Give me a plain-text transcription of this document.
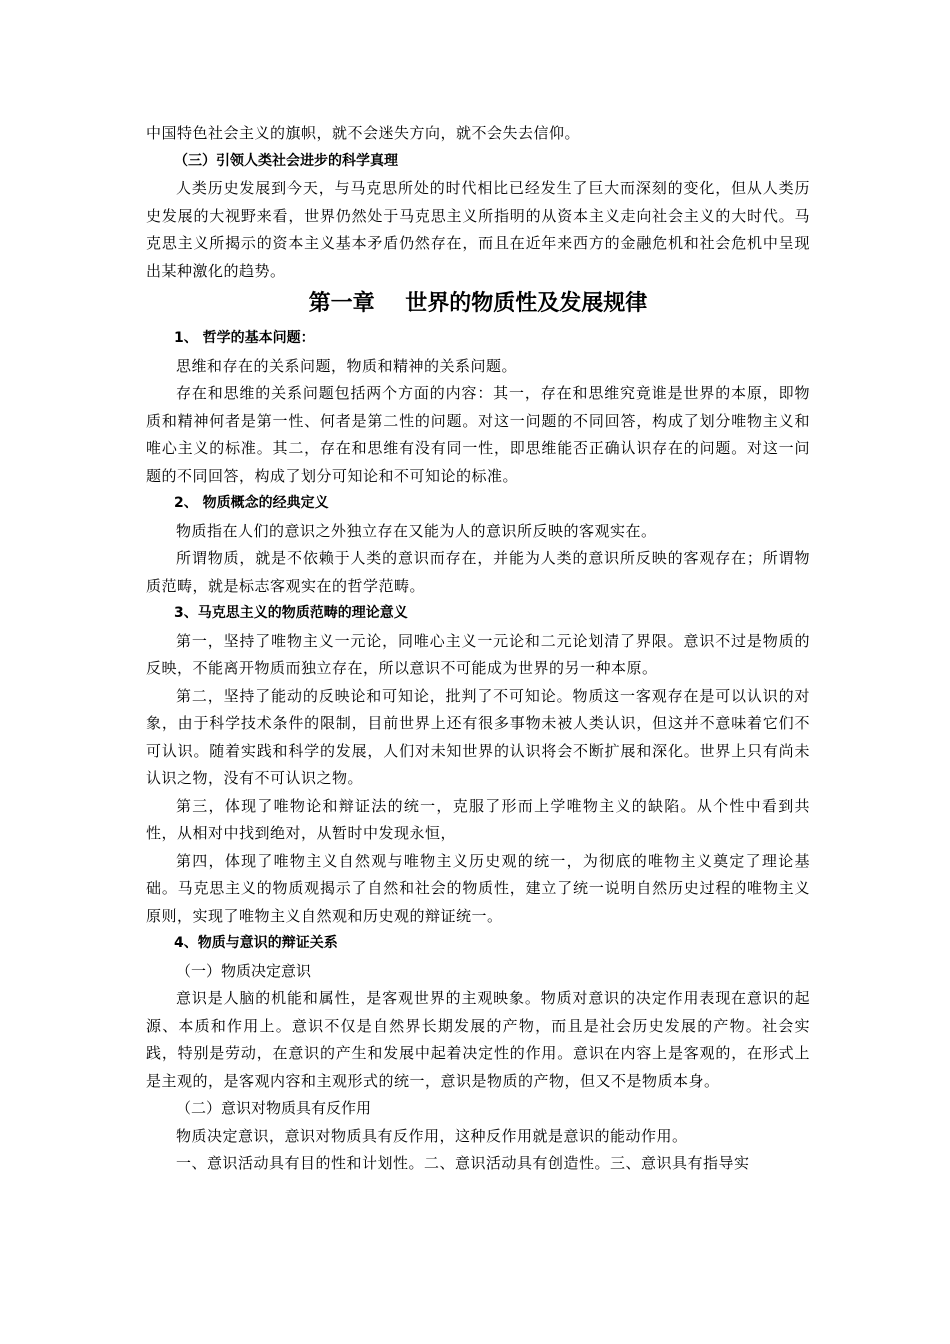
中国特色社会主义的旗帜，就不会迷失方向，就不会失去信仰。

（三）引领人类社会进步的科学真理

人类历史发展到今天，与马克思所处的时代相比已经发生了巨大而深刻的变化，但从人类历史发展的大视野来看，世界仍然处于马克思主义所指明的从资本主义走向社会主义的大时代。马克思主义所揭示的资本主义基本矛盾仍然存在，而且在近年来西方的金融危机和社会危机中呈现出某种激化的趋势。

第一章    世界的物质性及发展规律

1、 哲学的基本问题：

思维和存在的关系问题，物质和精神的关系问题。

存在和思维的关系问题包括两个方面的内容：其一，存在和思维究竟谁是世界的本原，即物质和精神何者是第一性、何者是第二性的问题。对这一问题的不同回答，构成了划分唯物主义和唯心主义的标准。其二，存在和思维有没有同一性，即思维能否正确认识存在的问题。对这一问题的不同回答，构成了划分可知论和不可知论的标准。

2、 物质概念的经典定义

物质指在人们的意识之外独立存在又能为人的意识所反映的客观实在。

所谓物质，就是不依赖于人类的意识而存在，并能为人类的意识所反映的客观存在；所谓物质范畴，就是标志客观实在的哲学范畴。

3、马克思主义的物质范畴的理论意义

第一，坚持了唯物主义一元论，同唯心主义一元论和二元论划清了界限。意识不过是物质的反映，不能离开物质而独立存在，所以意识不可能成为世界的另一种本原。

第二，坚持了能动的反映论和可知论，批判了不可知论。物质这一客观存在是可以认识的对象，由于科学技术条件的限制，目前世界上还有很多事物未被人类认识，但这并不意味着它们不可认识。随着实践和科学的发展，人们对未知世界的认识将会不断扩展和深化。世界上只有尚未认识之物，没有不可认识之物。

第三，体现了唯物论和辩证法的统一，克服了形而上学唯物主义的缺陷。从个性中看到共性，从相对中找到绝对，从暂时中发现永恒，

第四，体现了唯物主义自然观与唯物主义历史观的统一，为彻底的唯物主义奠定了理论基础。马克思主义的物质观揭示了自然和社会的物质性，建立了统一说明自然历史过程的唯物主义原则，实现了唯物主义自然观和历史观的辩证统一。

4、物质与意识的辩证关系

（一）物质决定意识

意识是人脑的机能和属性，是客观世界的主观映象。物质对意识的决定作用表现在意识的起源、本质和作用上。意识不仅是自然界长期发展的产物，而且是社会历史发展的产物。社会实践，特别是劳动，在意识的产生和发展中起着决定性的作用。意识在内容上是客观的，在形式上是主观的，是客观内容和主观形式的统一，意识是物质的产物，但又不是物质本身。

（二）意识对物质具有反作用

物质决定意识，意识对物质具有反作用，这种反作用就是意识的能动作用。

一、意识活动具有目的性和计划性。二、意识活动具有创造性。三、意识具有指导实
